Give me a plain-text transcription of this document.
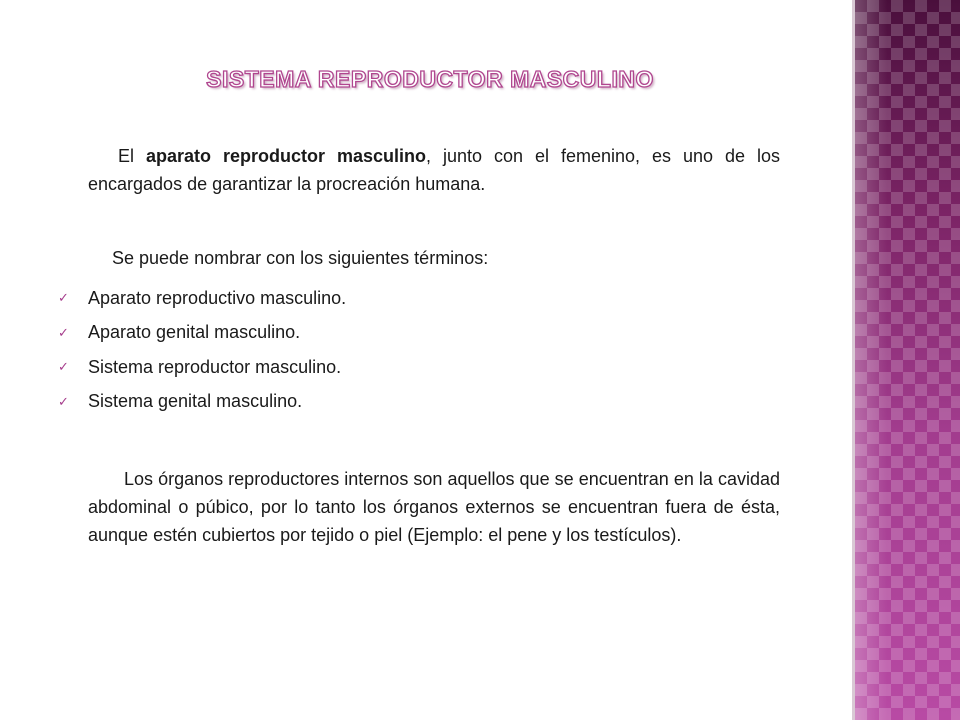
SISTEMA REPRODUCTOR MASCULINO

El aparato reproductor masculino, junto con el femenino, es uno de los encargados de garantizar la procreación humana.

Se puede nombrar con los siguientes términos:

✓	Aparato reproductivo masculino.
✓	Aparato genital masculino.
✓	Sistema reproductor masculino.
✓	Sistema genital masculino.

Los órganos reproductores internos son aquellos que se encuentran en la cavidad abdominal o púbico, por lo tanto los órganos externos se encuentran fuera de ésta, aunque estén cubiertos por tejido o piel (Ejemplo: el pene y los testículos).
